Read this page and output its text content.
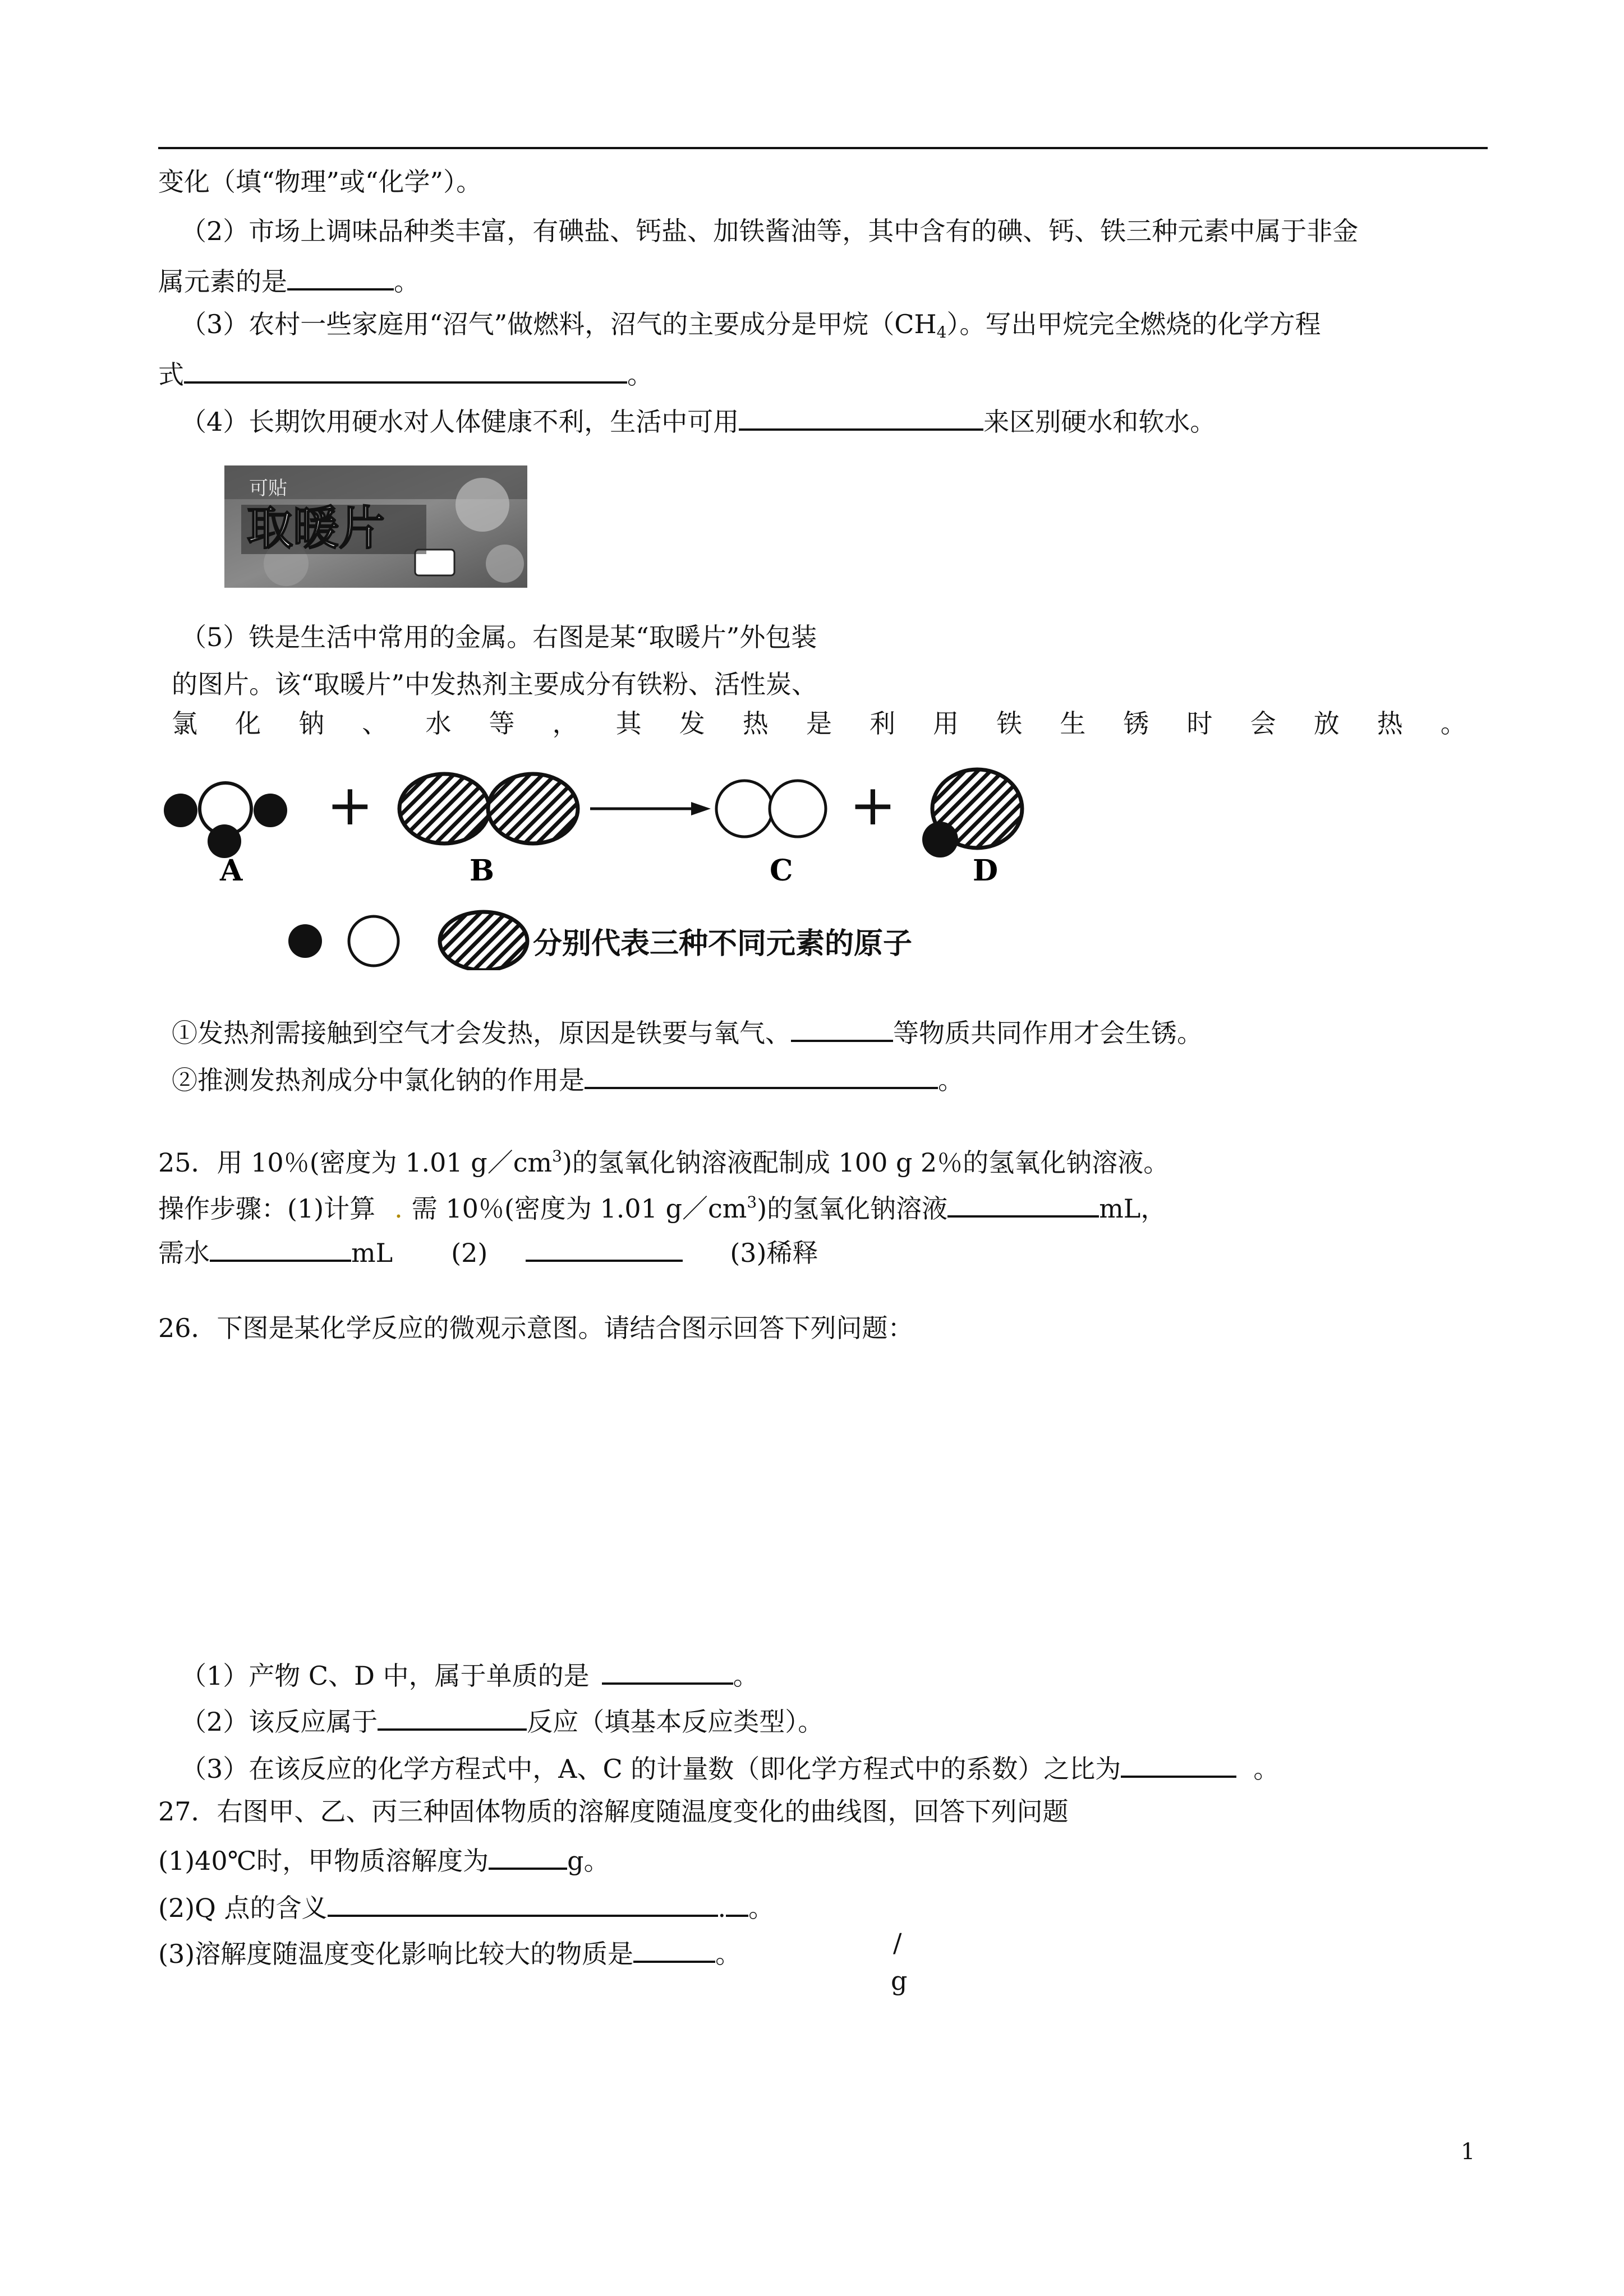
变化（填“物理”或“化学”）。
（2）市场上调味品种类丰富，有碘盐、钙盐、加铁酱油等，其中含有的碘、钙、铁三种元素中属于非金
属元素的是	。
（3）农村一些家庭用“沼气”做燃料，沼气的主要成分是甲烷$(CH_4)$。写出甲烷完全燃烧的化学方程
式	。
（4）长期饮用硬水对人体健康不利，生活中可用	来区别硬水和软水。
可贴
取暖片
（5）铁是生活中常用的金属。右图是某“取暖片”外包装
的图片。该“取暖片”中发热剂主要成分有铁粉、活性炭、
氯 化 钠 、 水 等 ， 其 发 热 是 利 用 铁 生 锈 时 会 放 热 。
+	+
A	B	C	D
分别代表三种不同元素的原子
①发热剂需接触到空气才会发热，原因是铁要与氧气、	等物质共同作用才会生锈。
②推测发热剂成分中氯化钠的作用是	。
25．用 10％(密度为 1.01 $g/cm^3$)的氢氧化钠溶液配制成 100 g 2％的氢氧化钠溶液。
操作步骤：(1)计算 . 需 10％(密度为 1.01 $g/cm^3$)的氢氧化钠溶液	mL，
需水	mL (2)	(3)稀释
26．下图是某化学反应的微观示意图。请结合图示回答下列问题：
（1）产物 C、D 中，属于单质的是	。
（2）该反应属于	反应（填基本反应类型）。
（3）在该反应的化学方程式中，A、C 的计量数（即化学方程式中的系数）之比为	。
27．右图甲、乙、丙三种固体物质的溶解度随温度变化的曲线图，回答下列问题
(1)40℃时，甲物质溶解度为	g。
(2)Q 点的含义	. 。
(3)溶解度随温度变化影响比较大的物质是	。	/
g
1
